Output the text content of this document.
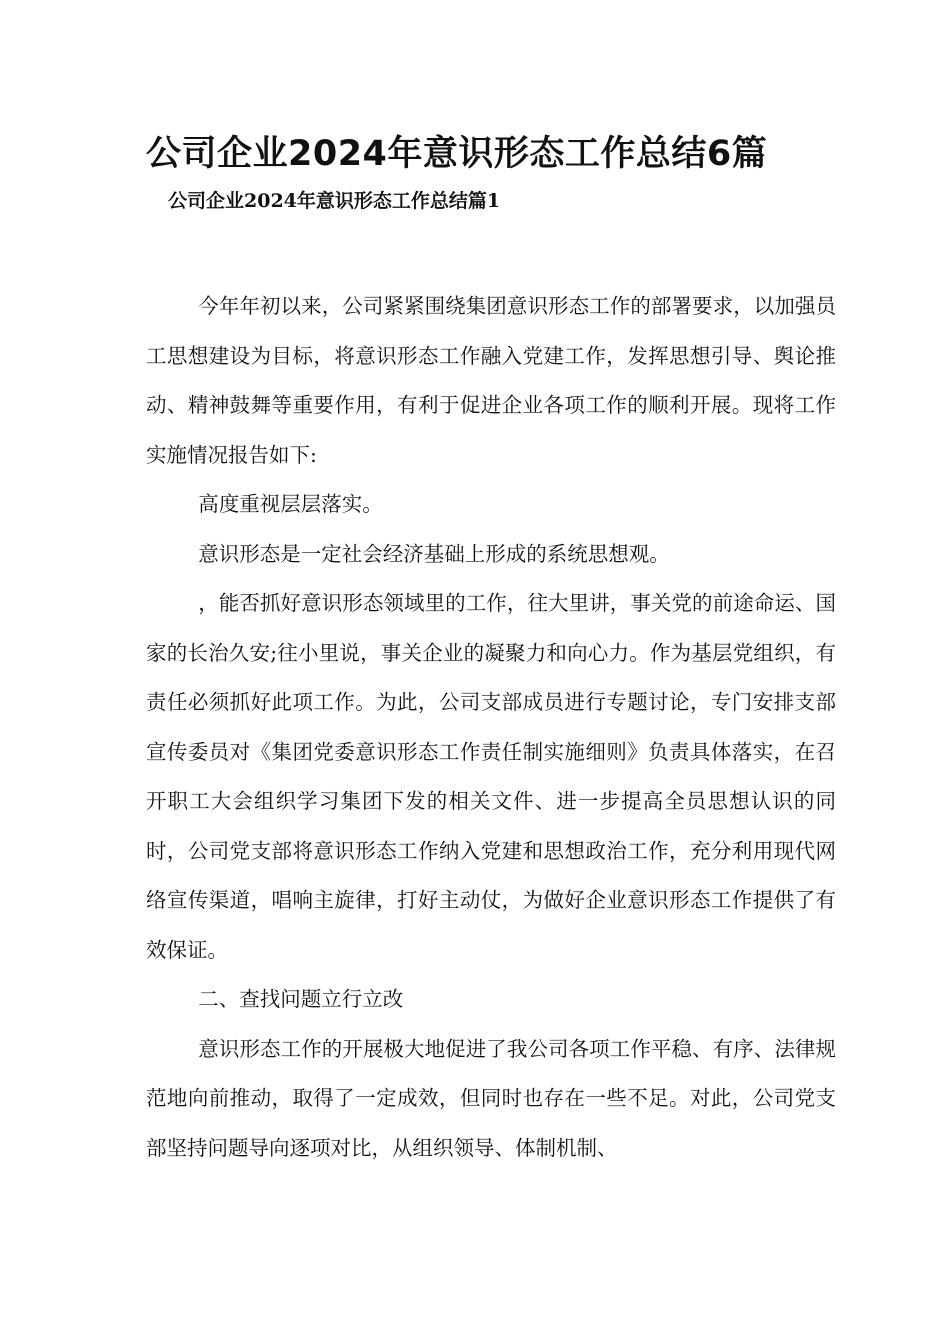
公司企业2024年意识形态工作总结6篇
公司企业2024年意识形态工作总结篇1

今年年初以来，公司紧紧围绕集团意识形态工作的部署要求，以加强员工思想建设为目标，将意识形态工作融入党建工作，发挥思想引导、舆论推动、精神鼓舞等重要作用，有利于促进企业各项工作的顺利开展。现将工作实施情况报告如下:

高度重视层层落实。

意识形态是一定社会经济基础上形成的系统思想观。

，能否抓好意识形态领域里的工作，往大里讲，事关党的前途命运、国家的长治久安;往小里说，事关企业的凝聚力和向心力。作为基层党组织，有责任必须抓好此项工作。为此，公司支部成员进行专题讨论，专门安排支部宣传委员对《集团党委意识形态工作责任制实施细则》负责具体落实，在召开职工大会组织学习集团下发的相关文件、进一步提高全员思想认识的同时，公司党支部将意识形态工作纳入党建和思想政治工作，充分利用现代网络宣传渠道，唱响主旋律，打好主动仗，为做好企业意识形态工作提供了有效保证。

二、查找问题立行立改

意识形态工作的开展极大地促进了我公司各项工作平稳、有序、法律规范地向前推动，取得了一定成效，但同时也存在一些不足。对此，公司党支部坚持问题导向逐项对比，从组织领导、体制机制、
